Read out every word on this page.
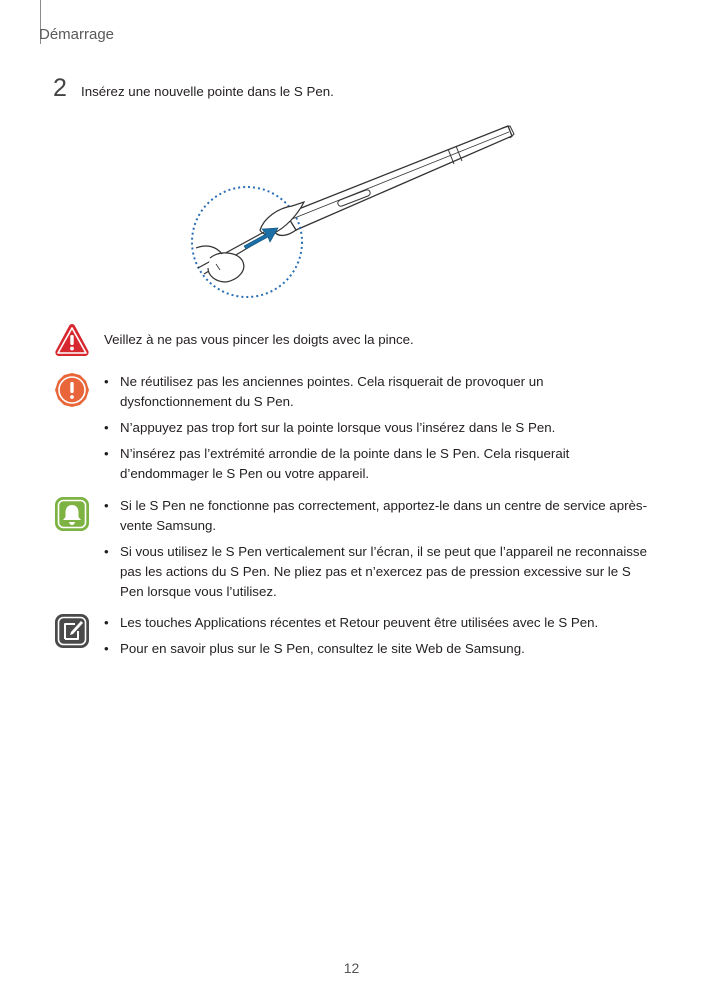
Démarrage
2 Insérez une nouvelle pointe dans le S Pen.
Veillez à ne pas vous pincer les doigts avec la pince.
• Ne réutilisez pas les anciennes pointes. Cela risquerait de provoquer un dysfonctionnement du S Pen.
• N’appuyez pas trop fort sur la pointe lorsque vous l’insérez dans le S Pen.
• N’insérez pas l’extrémité arrondie de la pointe dans le S Pen. Cela risquerait d’endommager le S Pen ou votre appareil.
• Si le S Pen ne fonctionne pas correctement, apportez-le dans un centre de service après-vente Samsung.
• Si vous utilisez le S Pen verticalement sur l’écran, il se peut que l’appareil ne reconnaisse pas les actions du S Pen. Ne pliez pas et n’exercez pas de pression excessive sur le S Pen lorsque vous l’utilisez.
• Les touches Applications récentes et Retour peuvent être utilisées avec le S Pen.
• Pour en savoir plus sur le S Pen, consultez le site Web de Samsung.
12
